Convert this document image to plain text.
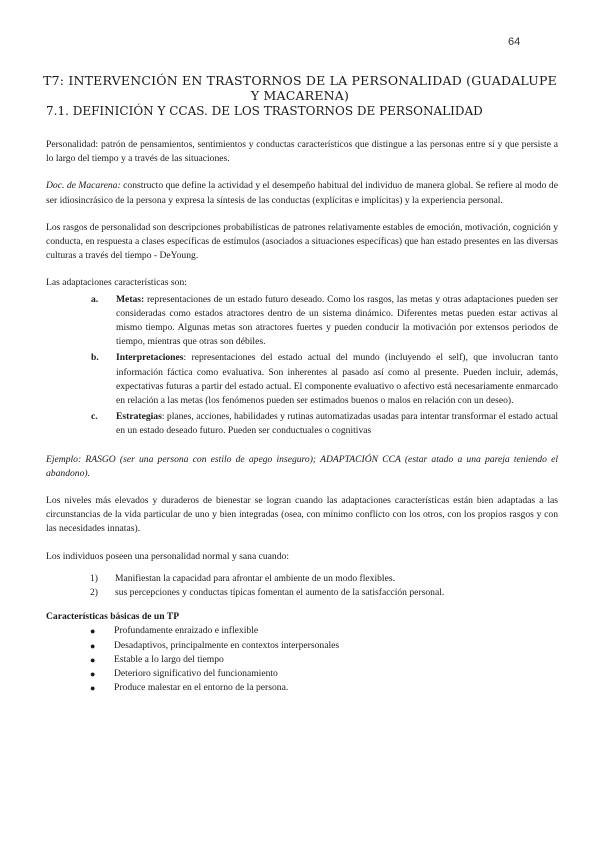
64
T7: INTERVENCIÓN EN TRASTORNOS DE LA PERSONALIDAD (GUADALUPE Y MACARENA)
7.1. DEFINICIÓN Y CCAS. DE LOS TRASTORNOS DE PERSONALIDAD

Personalidad: patrón de pensamientos, sentimientos y conductas característicos que distingue a las personas entre sí y que persiste a lo largo del tiempo y a través de las situaciones.

Doc. de Macarena: constructo que define la actividad y el desempeño habitual del individuo de manera global. Se refiere al modo de ser idiosincrásico de la persona y expresa la síntesis de las conductas (explícitas e implícitas) y la experiencia personal.

Los rasgos de personalidad son descripciones probabilísticas de patrones relativamente estables de emoción, motivación, cognición y conducta, en respuesta a clases específicas de estímulos (asociados a situaciones específicas) que han estado presentes en las diversas culturas a través del tiempo - DeYoung.

Las adaptaciones características son:

a. Metas: representaciones de un estado futuro deseado. Como los rasgos, las metas y otras adaptaciones pueden ser consideradas como estados atractores dentro de un sistema dinámico. Diferentes metas pueden estar activas al mismo tiempo. Algunas metas son atractores fuertes y pueden conducir la motivación por extensos periodos de tiempo, mientras que otras son débiles.
b. Interpretaciones: representaciones del estado actual del mundo (incluyendo el self), que involucran tanto información fáctica como evaluativa. Son inherentes al pasado así como al presente. Pueden incluir, además, expectativas futuras a partir del estado actual. El componente evaluativo o afectivo está necesariamente enmarcado en relación a las metas (los fenómenos pueden ser estimados buenos o malos en relación con un deseo).
c. Estrategias: planes, acciones, habilidades y rutinas automatizadas usadas para intentar transformar el estado actual en un estado deseado futuro. Pueden ser conductuales o cognitivas

Ejemplo: RASGO (ser una persona con estilo de apego inseguro); ADAPTACIÓN CCA (estar atado a una pareja teniendo el abandono).

Los niveles más elevados y duraderos de bienestar se logran cuando las adaptaciones características están bien adaptadas a las circunstancias de la vida particular de uno y bien integradas (osea, con mínimo conflicto con los otros, con los propios rasgos y con las necesidades innatas).

Los individuos poseen una personalidad normal y sana cuando:

1) Manifiestan la capacidad para afrontar el ambiente de un modo flexibles.
2) sus percepciones y conductas típicas fomentan el aumento de la satisfacción personal.

Características básicas de un TP

● Profundamente enraizado e inflexible
● Desadaptivos, principalmente en contextos interpersonales
● Estable a lo largo del tiempo
● Deterioro significativo del funcionamiento
● Produce malestar en el entorno de la persona.
